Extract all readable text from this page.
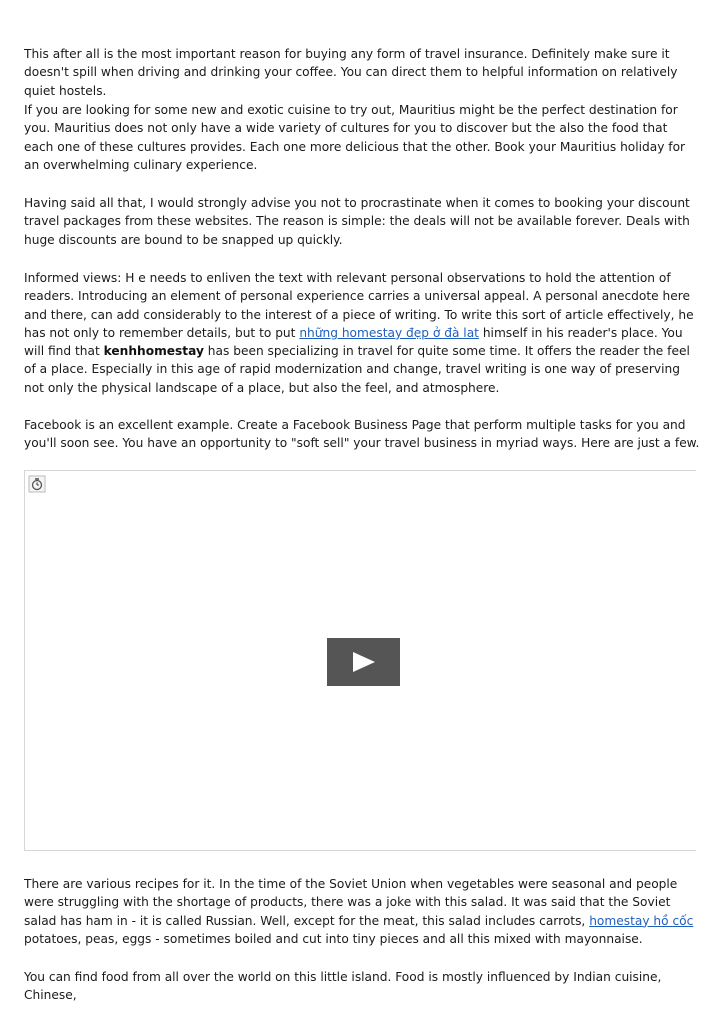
This after all is the most important reason for buying any form of travel insurance. Definitely make sure it doesn't spill when driving and drinking your coffee. You can direct them to helpful information on relatively quiet hostels.

If you are looking for some new and exotic cuisine to try out, Mauritius might be the perfect destination for you. Mauritius does not only have a wide variety of cultures for you to discover but the also the food that each one of these cultures provides. Each one more delicious that the other. Book your Mauritius holiday for an overwhelming culinary experience.

Having said all that, I would strongly advise you not to procrastinate when it comes to booking your discount travel packages from these websites. The reason is simple: the deals will not be available forever. Deals with huge discounts are bound to be snapped up quickly.

Informed views: H e needs to enliven the text with relevant personal observations to hold the attention of readers. Introducing an element of personal experience carries a universal appeal. A personal anecdote here and there, can add considerably to the interest of a piece of writing. To write this sort of article effectively, he has not only to remember details, but to put những homestay đẹp ở đà lat himself in his reader's place. You will find that kenhhomestay has been specializing in travel for quite some time. It offers the reader the feel of a place. Especially in this age of rapid modernization and change, travel writing is one way of preserving not only the physical landscape of a place, but also the feel, and atmosphere.

Facebook is an excellent example. Create a Facebook Business Page that perform multiple tasks for you and you'll soon see. You have an opportunity to "soft sell" your travel business in myriad ways. Here are just a few.

There are various recipes for it. In the time of the Soviet Union when vegetables were seasonal and people were struggling with the shortage of products, there was a joke with this salad. It was said that the Soviet salad has ham in - it is called Russian. Well, except for the meat, this salad includes carrots, homestay hồ cốc potatoes, peas, eggs - sometimes boiled and cut into tiny pieces and all this mixed with mayonnaise.

You can find food from all over the world on this little island. Food is mostly influenced by Indian cuisine, Chinese,
